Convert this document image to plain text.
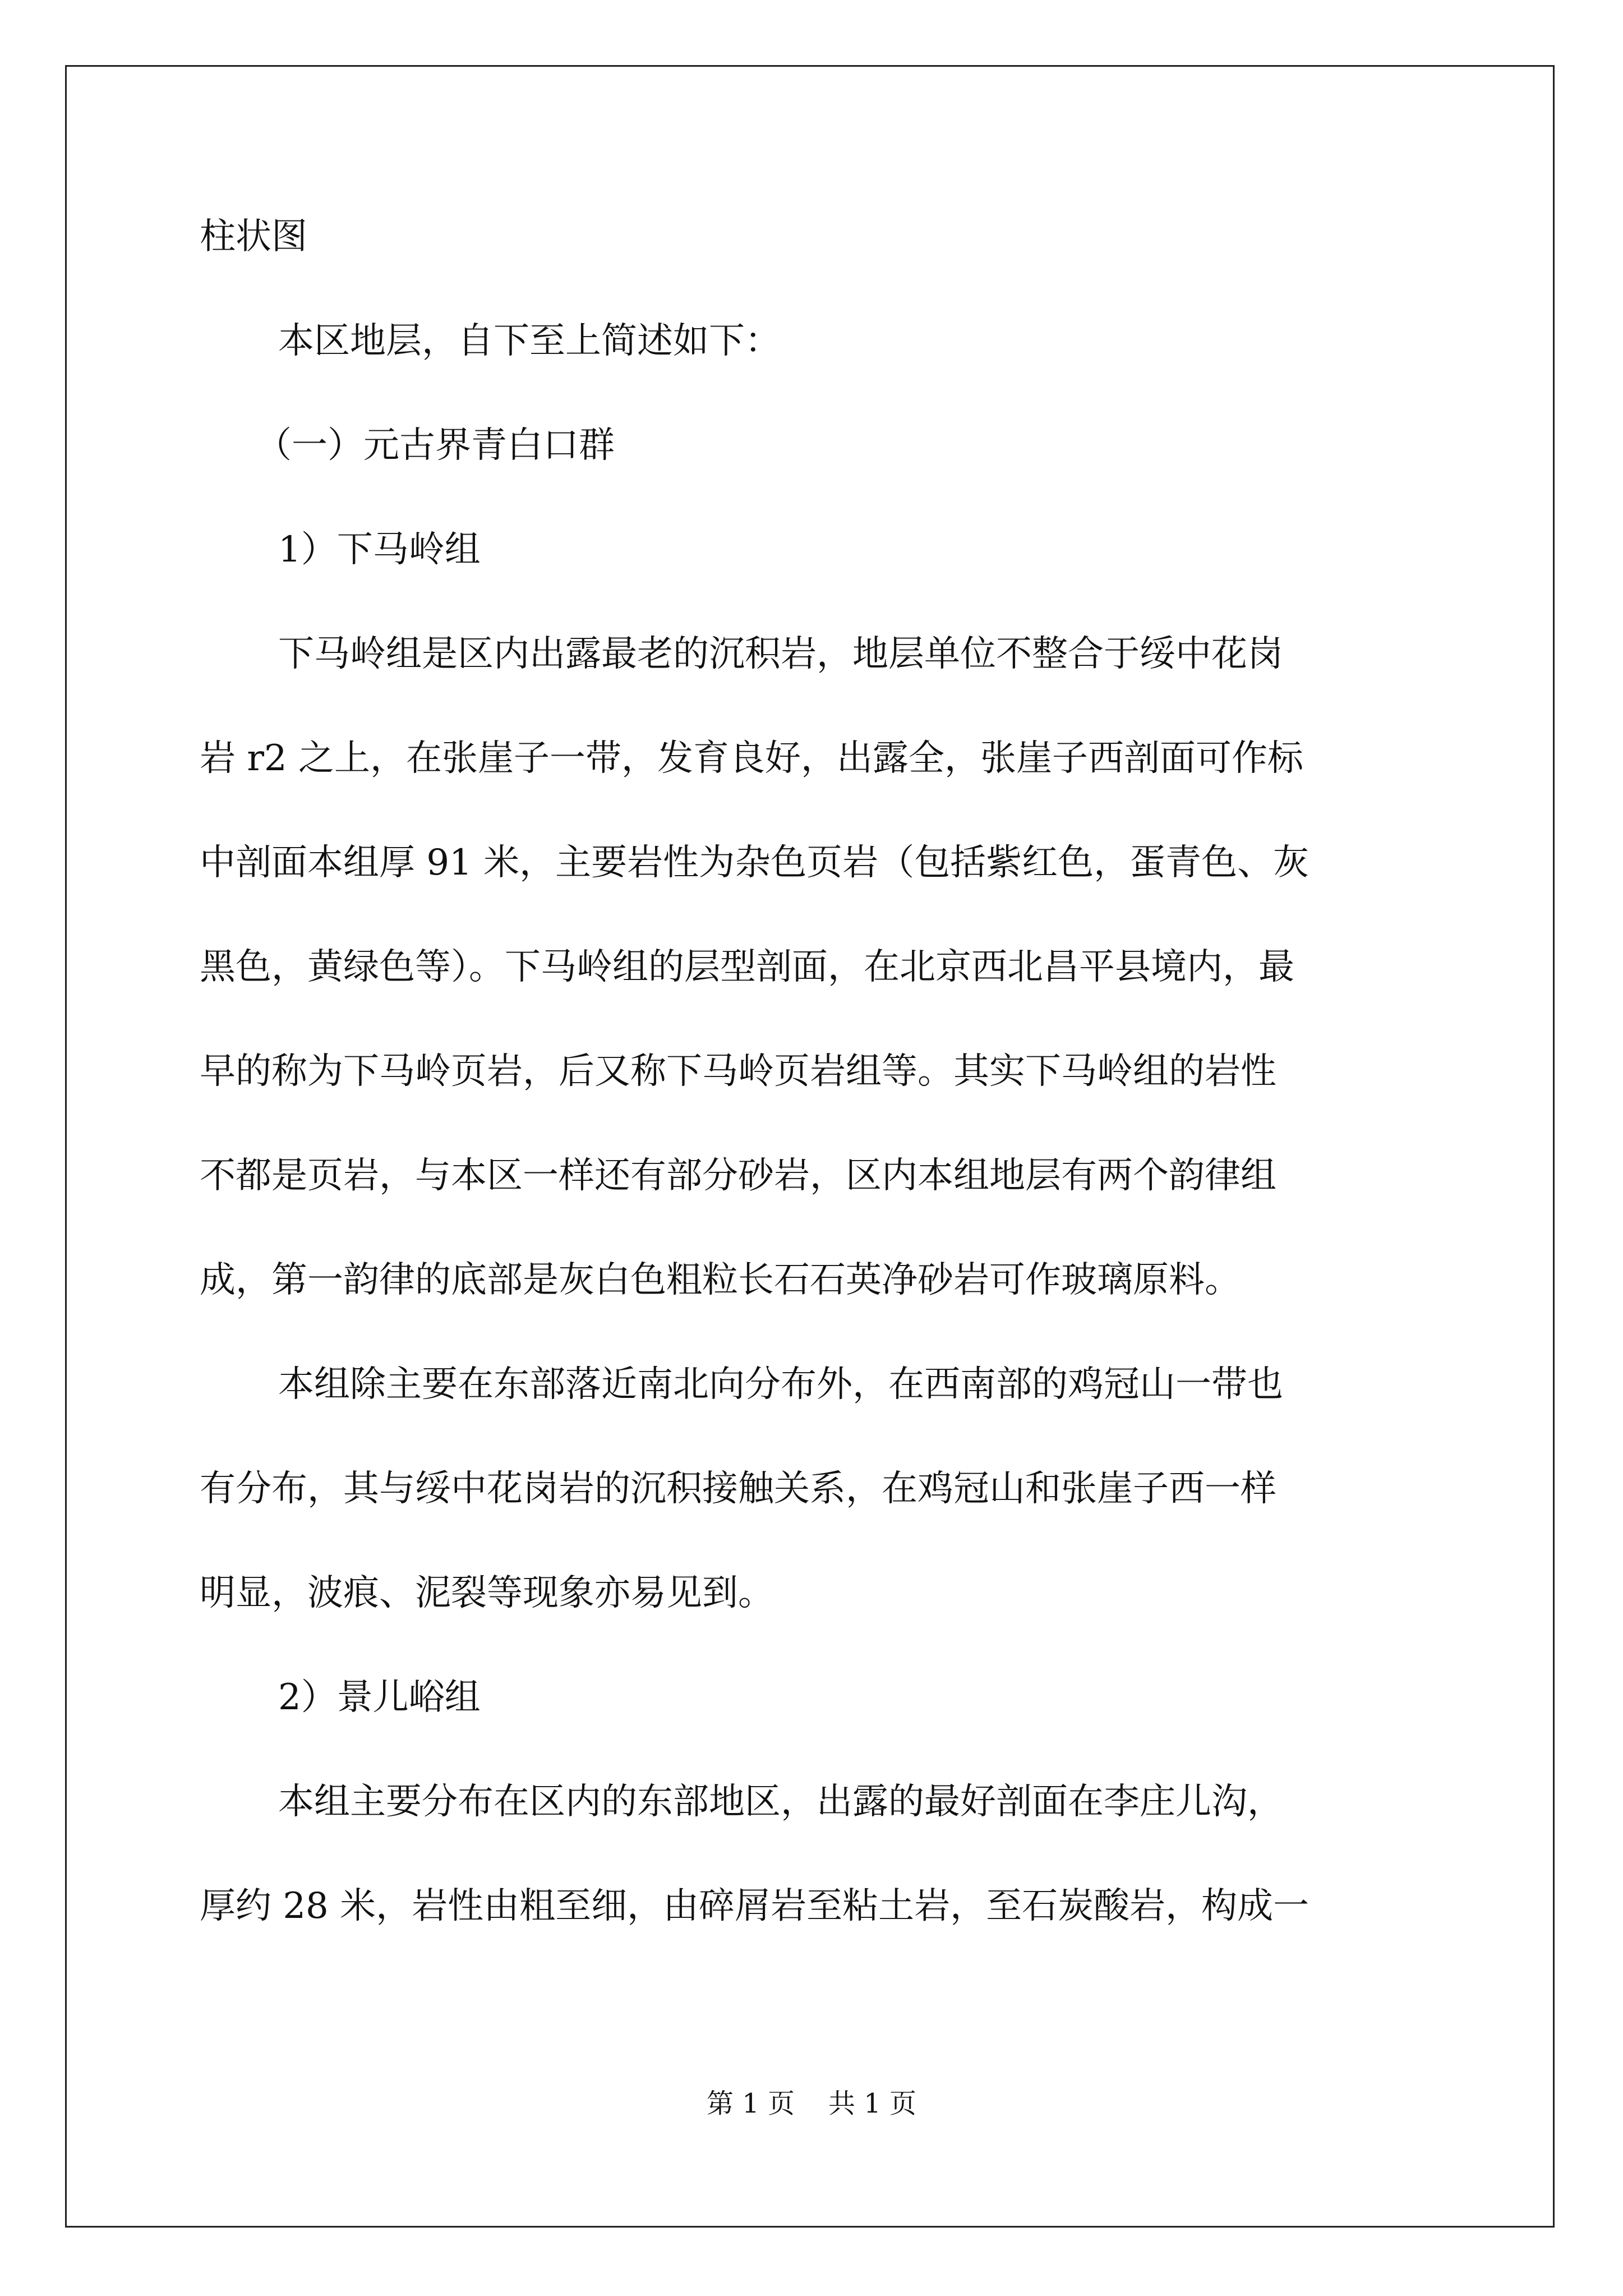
柱状图
本区地层，自下至上简述如下：
（一）元古界青白口群
1）下马岭组
下马岭组是区内出露最老的沉积岩，地层单位不整合于绥中花岗
岩 r2 之上，在张崖子一带，发育良好，出露全，张崖子西剖面可作标
中剖面本组厚 91 米，主要岩性为杂色页岩（包括紫红色，蛋青色、灰
黑色，黄绿色等）。下马岭组的层型剖面，在北京西北昌平县境内，最
早的称为下马岭页岩，后又称下马岭页岩组等。其实下马岭组的岩性
不都是页岩，与本区一样还有部分砂岩，区内本组地层有两个韵律组
成，第一韵律的底部是灰白色粗粒长石石英净砂岩可作玻璃原料。
本组除主要在东部落近南北向分布外，在西南部的鸡冠山一带也
有分布，其与绥中花岗岩的沉积接触关系，在鸡冠山和张崖子西一样
明显，波痕、泥裂等现象亦易见到。
2）景儿峪组
本组主要分布在区内的东部地区，出露的最好剖面在李庄儿沟，
厚约 28 米，岩性由粗至细，由碎屑岩至粘土岩，至石炭酸岩，构成一
第 1 页 共 1 页
